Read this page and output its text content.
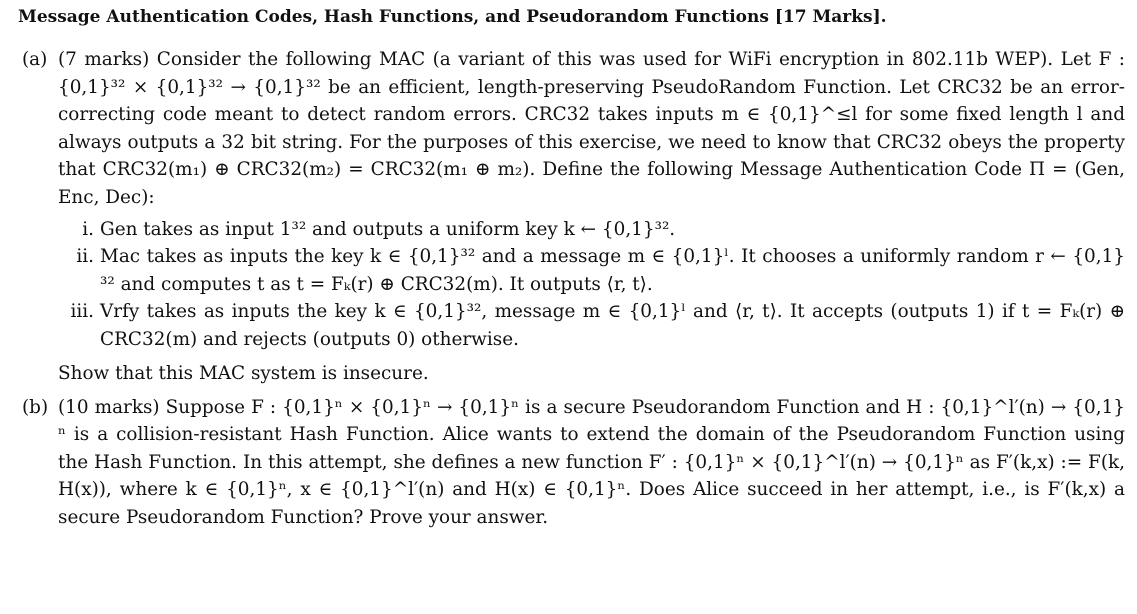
Message Authentication Codes, Hash Functions, and Pseudorandom Functions [17 Marks].
(a) (7 marks) Consider the following MAC (a variant of this was used for WiFi encryption in 802.11b WEP). Let F : {0,1}³² × {0,1}³² → {0,1}³² be an efficient, length-preserving PseudoRandom Function. Let CRC32 be an error-correcting code meant to detect random errors. CRC32 takes inputs m ∈ {0,1}^≤l for some fixed length l and always outputs a 32 bit string. For the purposes of this exercise, we need to know that CRC32 obeys the property that CRC32(m₁) ⊕ CRC32(m₂) = CRC32(m₁ ⊕ m₂). Define the following Message Authentication Code Π = (Gen, Enc, Dec):
i. Gen takes as input 1³² and outputs a uniform key k ← {0,1}³².
ii. Mac takes as inputs the key k ∈ {0,1}³² and a message m ∈ {0,1}ˡ. It chooses a uniformly random r ← {0,1}³² and computes t as t = Fₖ(r) ⊕ CRC32(m). It outputs ⟨r, t⟩.
iii. Vrfy takes as inputs the key k ∈ {0,1}³², message m ∈ {0,1}ˡ and ⟨r, t⟩. It accepts (outputs 1) if t = Fₖ(r) ⊕ CRC32(m) and rejects (outputs 0) otherwise.
Show that this MAC system is insecure.
(b) (10 marks) Suppose F : {0,1}ⁿ × {0,1}ⁿ → {0,1}ⁿ is a secure Pseudorandom Function and H : {0,1}^l′(n) → {0,1}ⁿ is a collision-resistant Hash Function. Alice wants to extend the domain of the Pseudorandom Function using the Hash Function. In this attempt, she defines a new function F′ : {0,1}ⁿ × {0,1}^l′(n) → {0,1}ⁿ as F′(k,x) := F(k, H(x)), where k ∈ {0,1}ⁿ, x ∈ {0,1}^l′(n) and H(x) ∈ {0,1}ⁿ. Does Alice succeed in her attempt, i.e., is F′(k,x) a secure Pseudorandom Function? Prove your answer.
